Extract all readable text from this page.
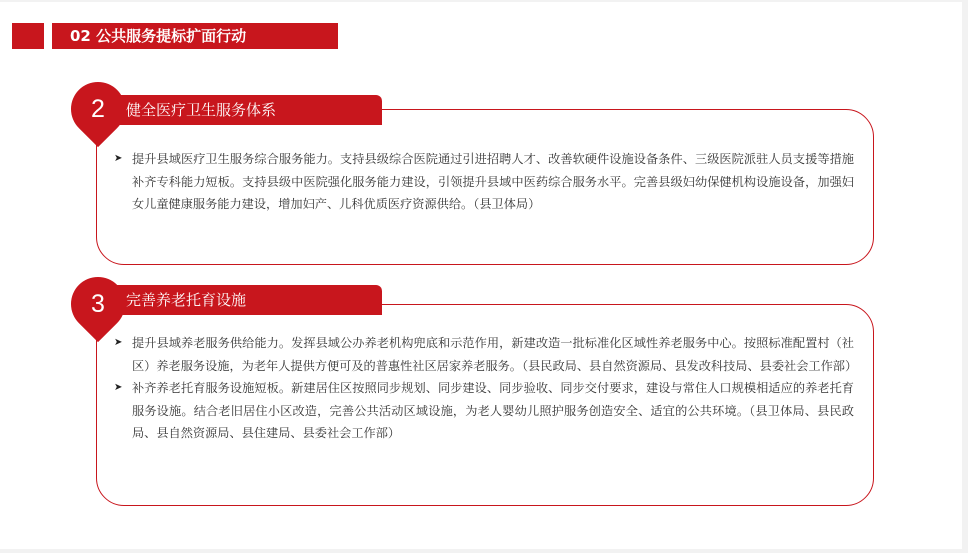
02 公共服务提标扩面行动
2	健全医疗卫生服务体系
➤ 提升县域医疗卫生服务综合服务能力。支持县级综合医院通过引进招聘人才、改善软硬件设施设备条件、三级医院派驻人员支援等措施补齐专科能力短板。支持县级中医院强化服务能力建设，引领提升县域中医药综合服务水平。完善县级妇幼保健机构设施设备，加强妇女儿童健康服务能力建设，增加妇产、儿科优质医疗资源供给。（县卫体局）
3	完善养老托育设施
➤ 提升县域养老服务供给能力。发挥县域公办养老机构兜底和示范作用，新建改造一批标准化区域性养老服务中心。按照标准配置村（社区）养老服务设施，为老年人提供方便可及的普惠性社区居家养老服务。（县民政局、县自然资源局、县发改科技局、县委社会工作部）
➤ 补齐养老托育服务设施短板。新建居住区按照同步规划、同步建设、同步验收、同步交付要求，建设与常住人口规模相适应的养老托育服务设施。结合老旧居住小区改造，完善公共活动区域设施，为老人婴幼儿照护服务创造安全、适宜的公共环境。（县卫体局、县民政局、县自然资源局、县住建局、县委社会工作部）
